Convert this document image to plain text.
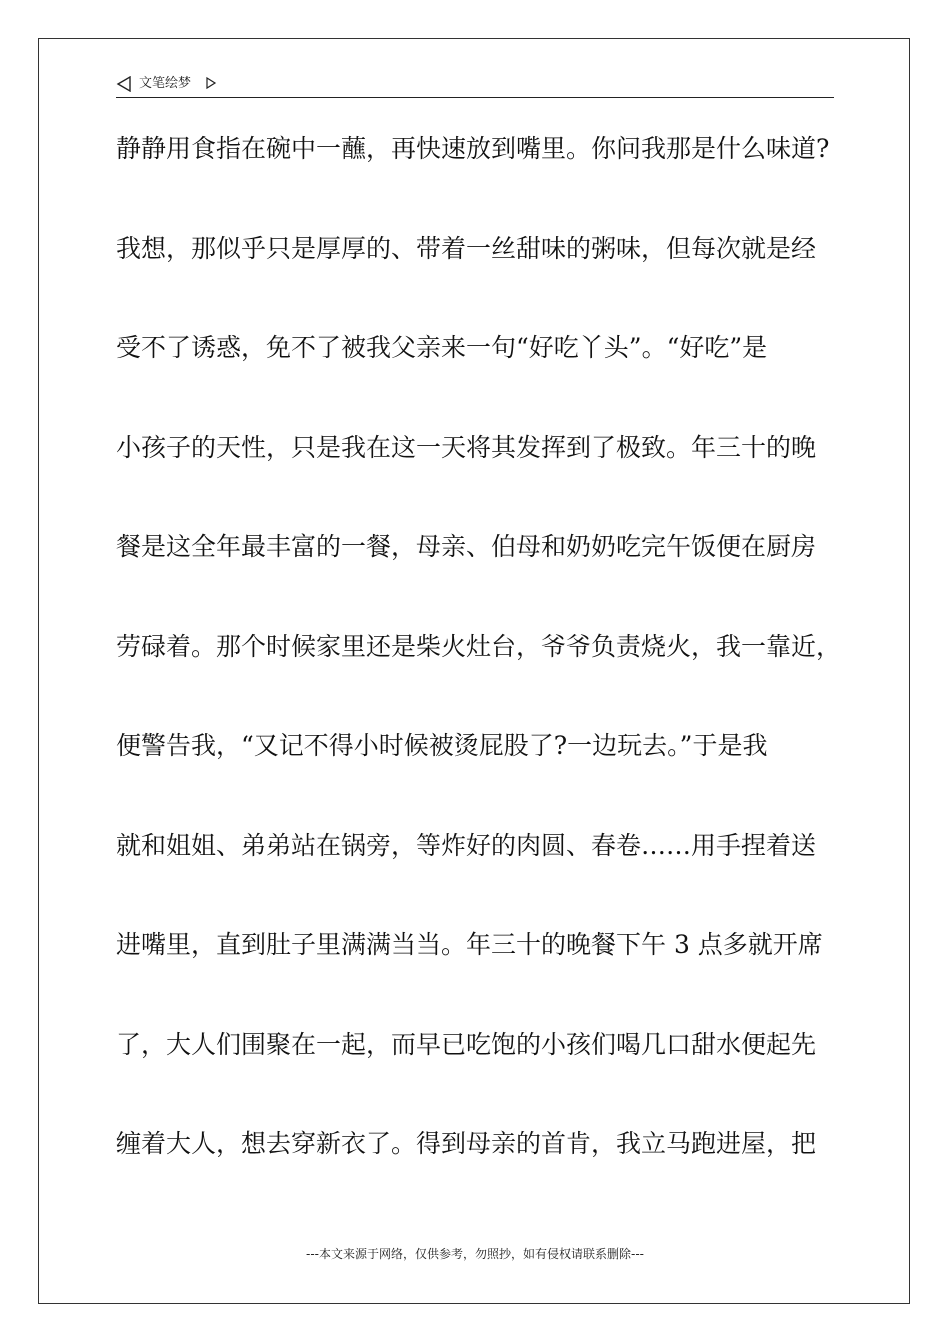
文笔绘梦
静静用食指在碗中一蘸，再快速放到嘴里。你问我那是什么味道?
我想，那似乎只是厚厚的、带着一丝甜味的粥味，但每次就是经
受不了诱惑，免不了被我父亲来一句“好吃丫头”。“好吃”是
小孩子的天性，只是我在这一天将其发挥到了极致。年三十的晚
餐是这全年最丰富的一餐，母亲、伯母和奶奶吃完午饭便在厨房
劳碌着。那个时候家里还是柴火灶台，爷爷负责烧火，我一靠近，
便警告我，“又记不得小时候被烫屁股了?一边玩去。”于是我
就和姐姐、弟弟站在锅旁，等炸好的肉圆、春卷……用手捏着送
进嘴里，直到肚子里满满当当。年三十的晚餐下午 3 点多就开席
了，大人们围聚在一起，而早已吃饱的小孩们喝几口甜水便起先
缠着大人，想去穿新衣了。得到母亲的首肯，我立马跑进屋，把
---本文来源于网络，仅供参考，勿照抄，如有侵权请联系删除---
